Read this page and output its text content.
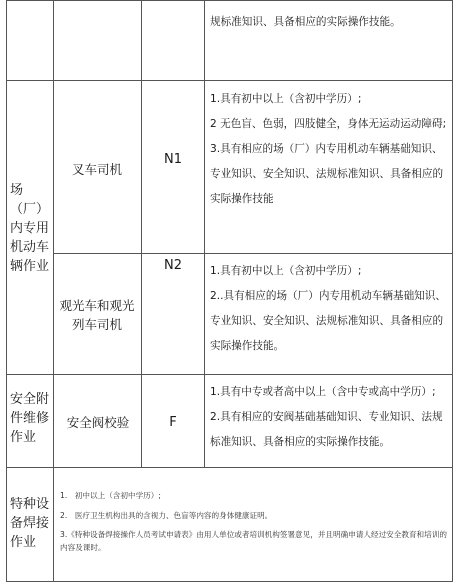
规标准知识、具备相应的实际操作技能。

场（厂）内专用机动车辆作业
叉车司机
N1

1.具有初中以上（含初中学历）;

2 无色盲、色弱，四肢健全，身体无运动运动障碍;

3.具有相应的场（厂）内专用机动车辆基础知识、专业知识、安全知识、法规标准知识、具备相应的实际操作技能

观光车和观光列车司机
N2	1.具有初中以上（含初中学历）;

2..具有相应的场（厂）内专用机动车辆基础知识、专业知识、安全知识、法规标准知识、具备相应的实际操作技能。

安全附件维修作业
安全阀校验	F

1.具有中专或者高中以上（含中专或高中学历）;

2.具有相应的安阀基础基础知识、专业知识、法规标准知识、具备相应的实际操作技能。

特种设备焊接作业

1.　初中以上（含初中学历）;

2.　医疗卫生机构出具的含视力、色盲等内容的身体健康证明。

3.《特种设备焊接操作人员考试申请表》由用人单位或者培训机构签署意见，并且明确申请人经过安全教育和培训的内容及课时。
